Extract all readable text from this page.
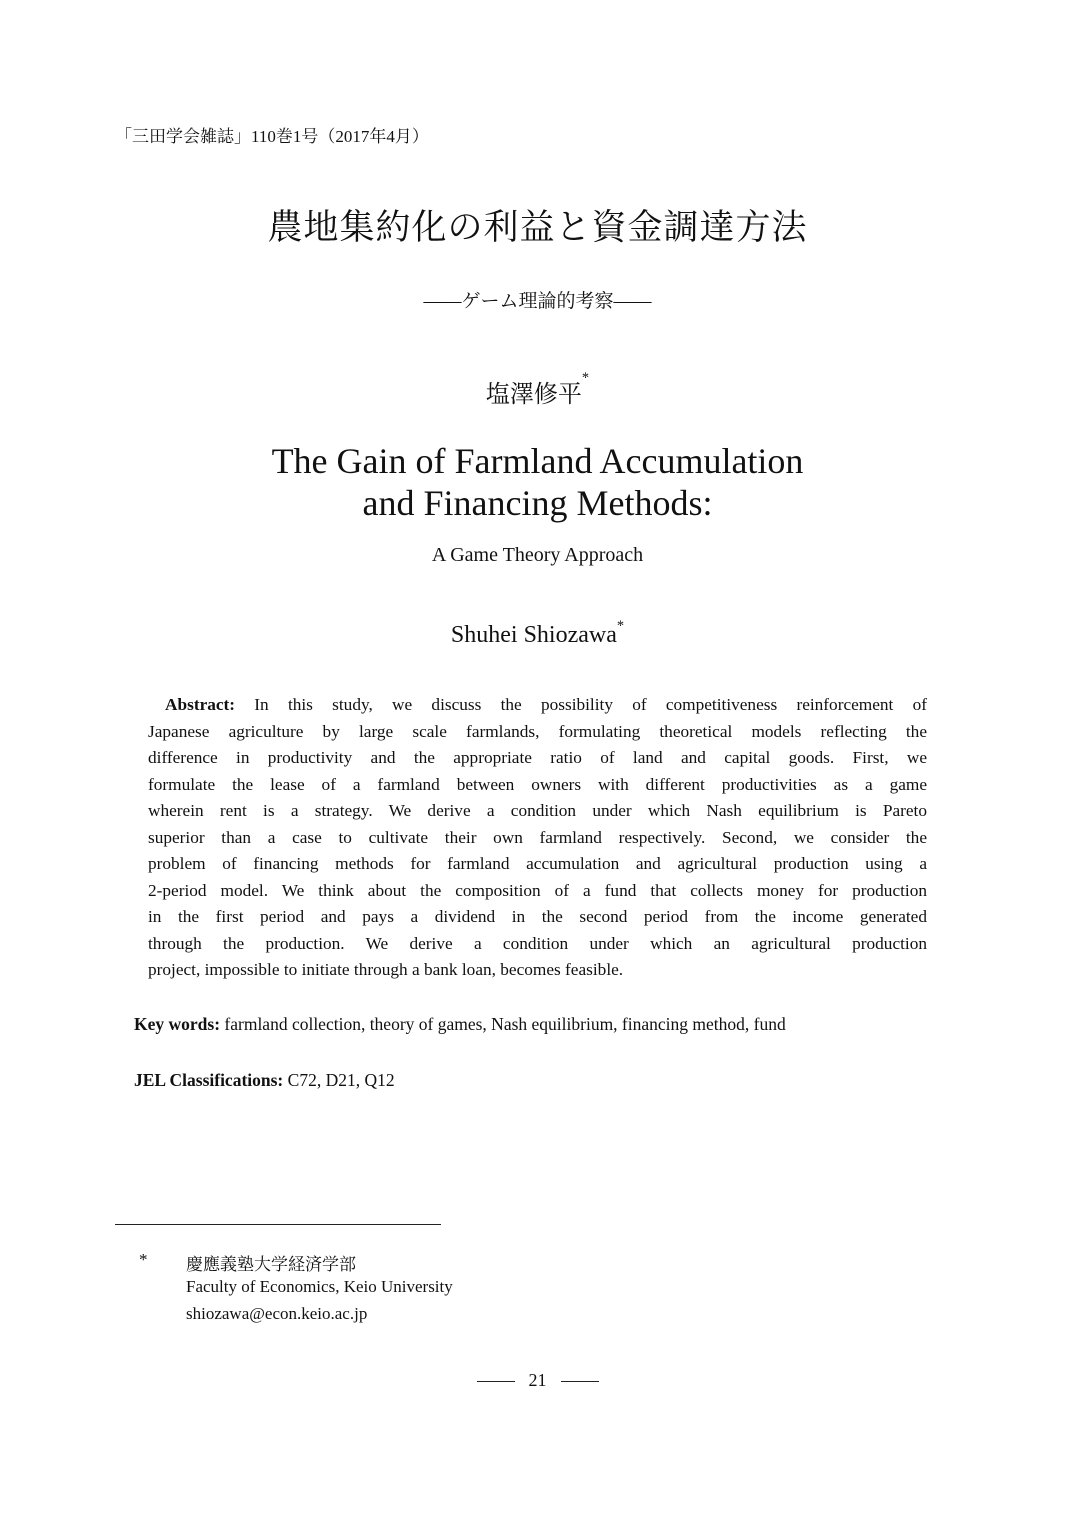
「三田学会雑誌」110巻1号（2017年4月）
農地集約化の利益と資金調達方法
――ゲーム理論的考察――
塩澤修平*
The Gain of Farmland Accumulation
and Financing Methods:
A Game Theory Approach
Shuhei Shiozawa*
Abstract: In this study, we discuss the possibility of competitiveness reinforcement of
Japanese agriculture by large scale farmlands, formulating theoretical models reflecting the
difference in productivity and the appropriate ratio of land and capital goods. First, we
formulate the lease of a farmland between owners with different productivities as a game
wherein rent is a strategy. We derive a condition under which Nash equilibrium is Pareto
superior than a case to cultivate their own farmland respectively. Second, we consider the
problem of financing methods for farmland accumulation and agricultural production using a
2-period model. We think about the composition of a fund that collects money for production
in the first period and pays a dividend in the second period from the income generated
through the production. We derive a condition under which an agricultural production
project, impossible to initiate through a bank loan, becomes feasible.
Key words: farmland collection, theory of games, Nash equilibrium, financing method, fund
JEL Classifications: C72, D21, Q12
* 慶應義塾大学経済学部
Faculty of Economics, Keio University
shiozawa@econ.keio.ac.jp
21
